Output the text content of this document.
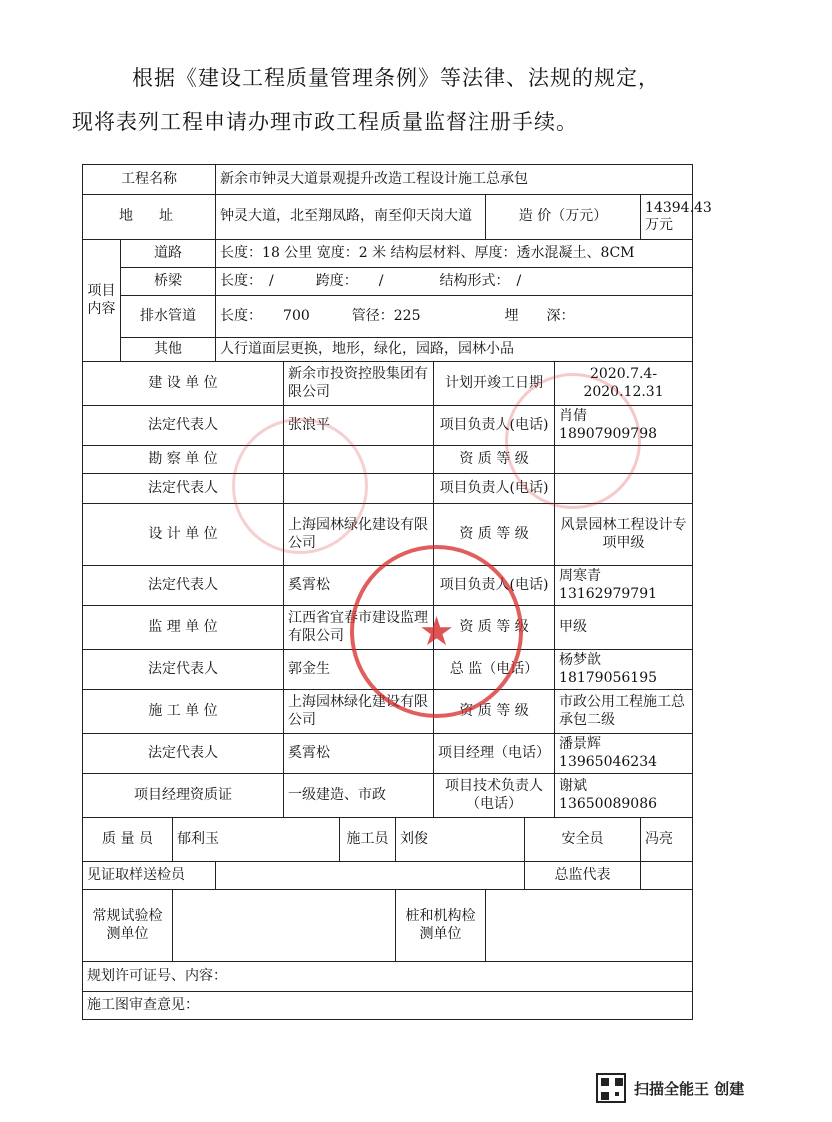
根据《建设工程质量管理条例》等法律、法规的规定，
现将表列工程申请办理市政工程质量监督注册手续。
工程名称			新余市钟灵大道景观提升改造工程设计施工总承包								
地　址			钟灵大道，北至翔凤路，南至仰天岗大道					造 价（万元）			14394.43万元
项目内容	道路		长度：18 公里 宽度：2 米 结构层材料、厚度：透水混凝土、8CM								
	桥梁		长度：　/　　　跨度：　　/　　　　结构形式：　/								
	排水管道		长度：　　700　　　管径：225　　　　　　埋　　深：								
	其他		人行道面层更换，地形，绿化，园路，园林小品								

建 设 单 位				新余市投资控股集团有限公司			计划开竣工日期			2020.7.4-2020.12.31	
法定代表人				张浪平			项目负责人(电话)			肖倩 18907909798	
勘 察 单 位							资 质 等 级				
法定代表人							项目负责人(电话)				
设 计 单 位				上海园林绿化建设有限公司			资 质 等 级			风景园林工程设计专项甲级	
法定代表人				奚霄松			项目负责人(电话)			周寒青 13162979791	
监 理 单 位				江西省宜春市建设监理有限公司			资 质 等 级			甲级	
法定代表人				郭金生			总 监（电话）			杨梦歆 18179056195	
施 工 单 位				上海园林绿化建设有限公司			资 质 等 级			市政公用工程施工总承包二级	
法定代表人				奚霄松			项目经理（电话）			潘景辉 13965046234	
项目经理资质证				一级建造、市政			项目技术负责人（电话）			谢斌 13650089086	
质 量 员		郁利玉			施工员	刘俊			安全员		冯亮
见证取样送检员									总监代表		
常规试验检测单位						桩和机构检测单位					
规划许可证号、内容：											
施工图审查意见：											
★
扫描全能王 创建
